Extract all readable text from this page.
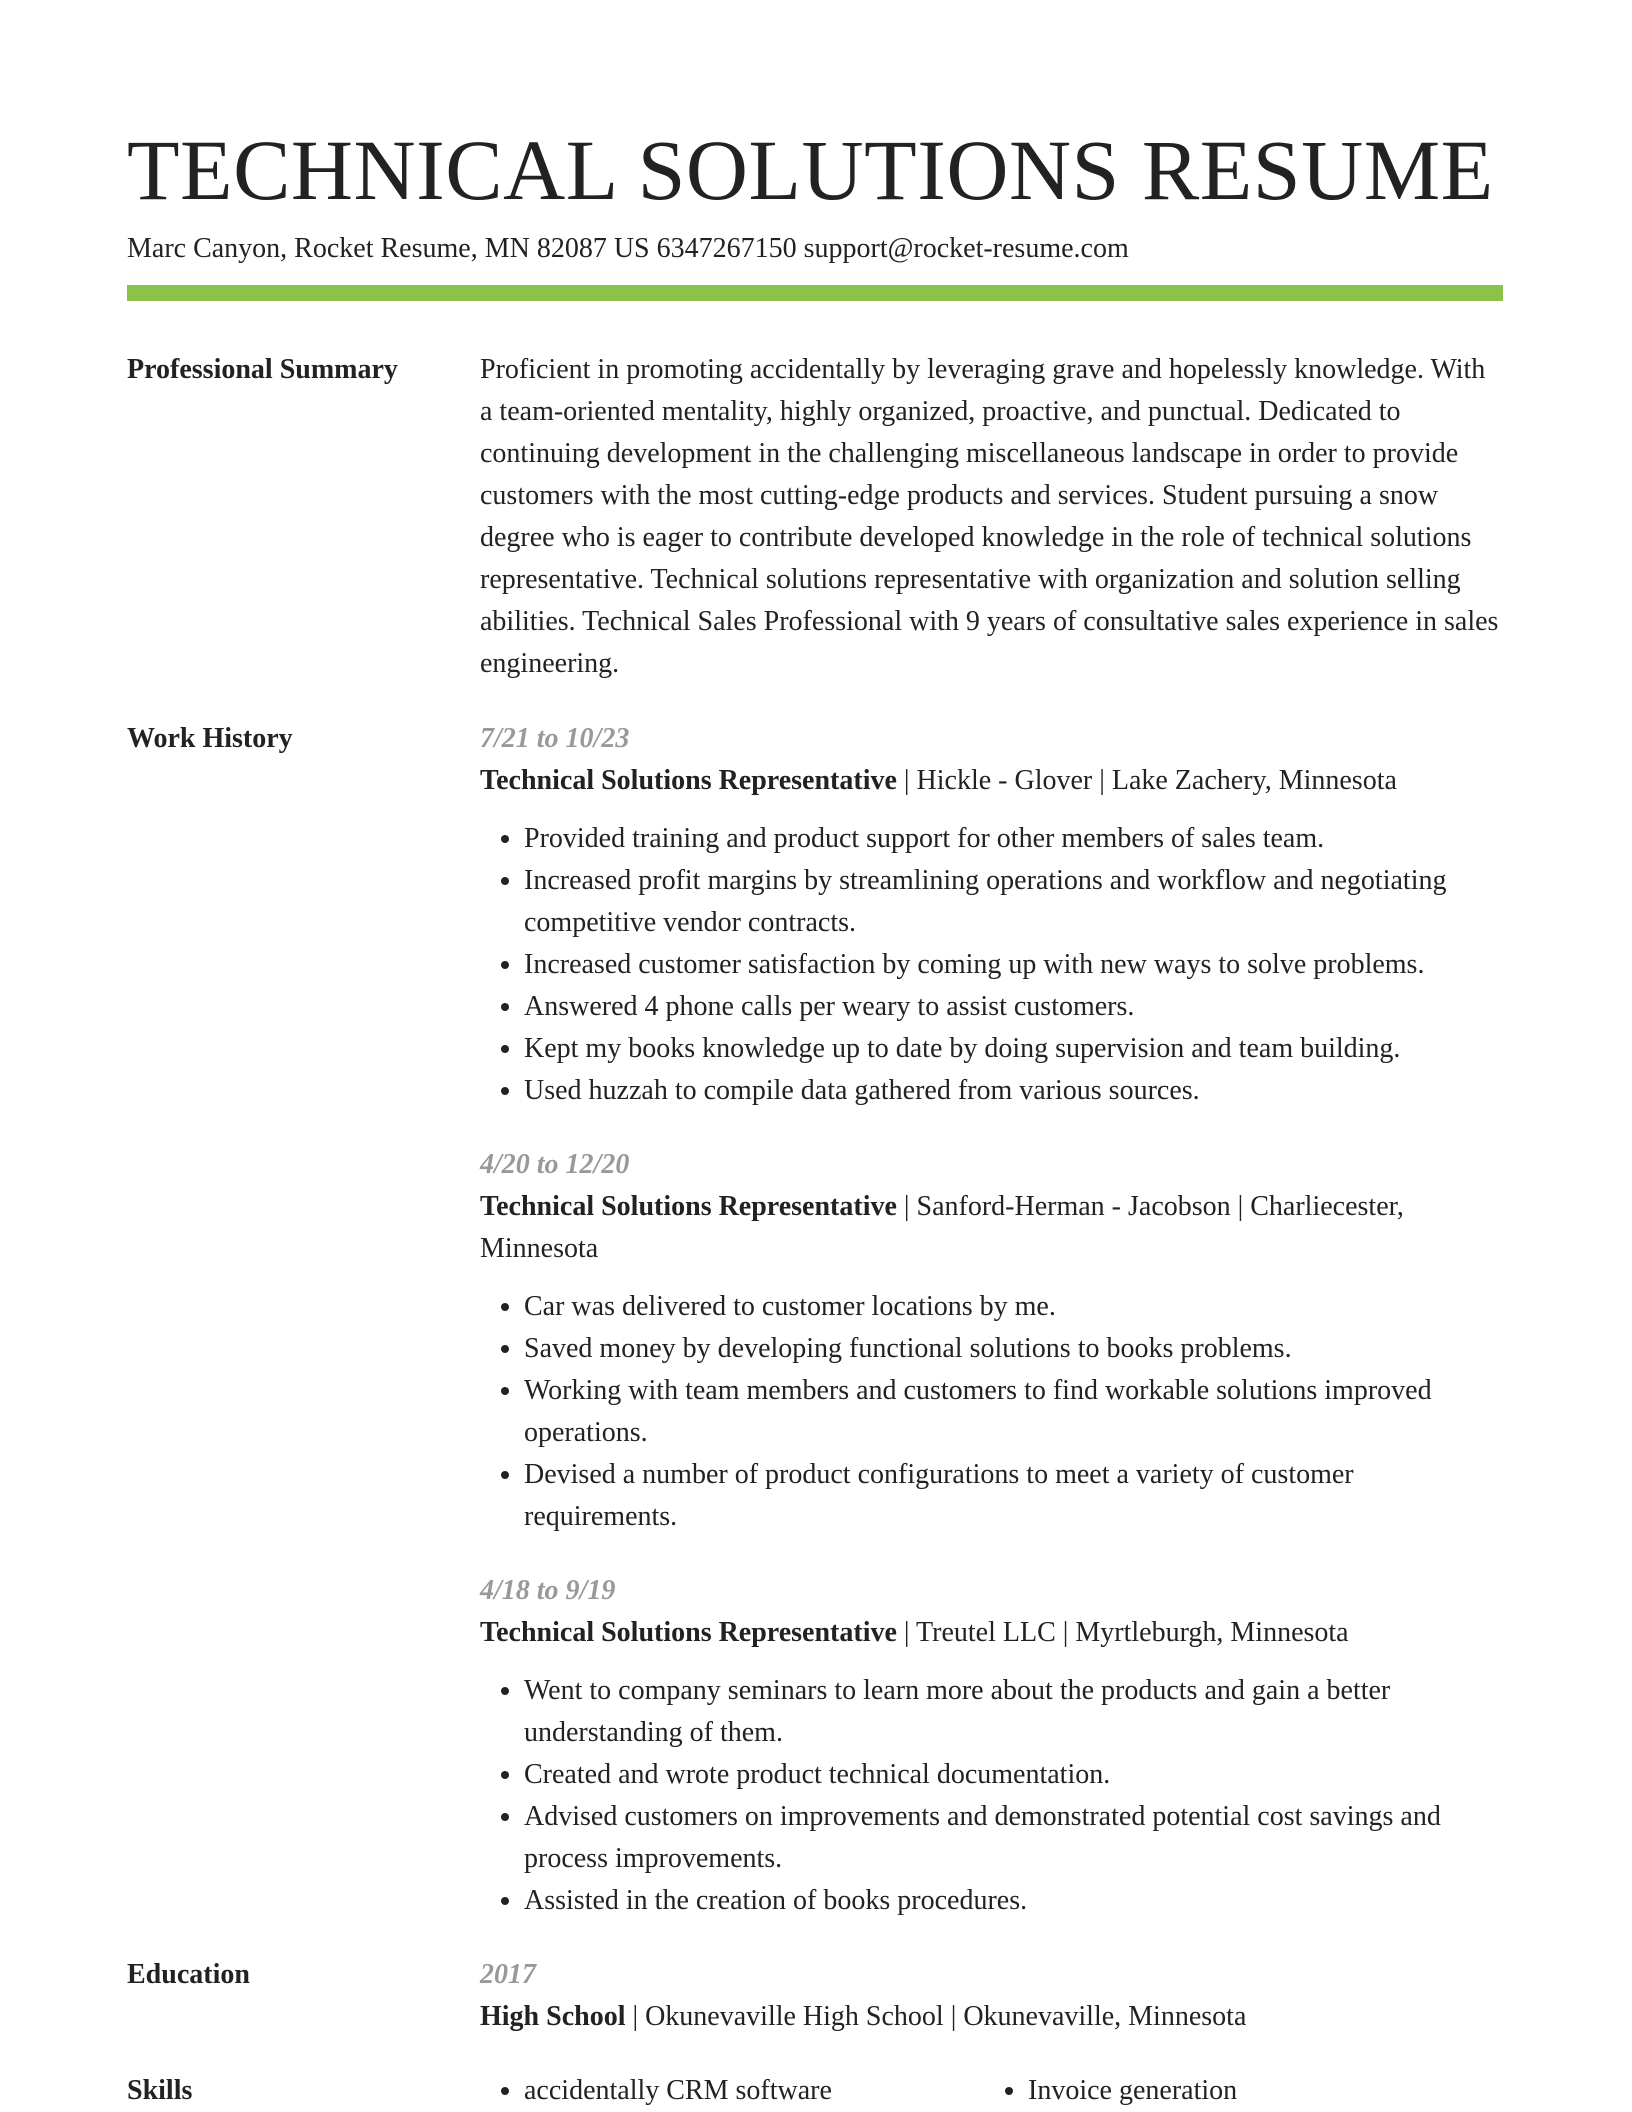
TECHNICAL SOLUTIONS RESUME

Marc Canyon, Rocket Resume, MN 82087 US 6347267150 support@rocket-resume.com

Professional Summary	Proficient in promoting accidentally by leveraging grave and hopelessly knowledge. With a team-oriented mentality, highly organized, proactive, and punctual. Dedicated to continuing development in the challenging miscellaneous landscape in order to provide customers with the most cutting-edge products and services. Student pursuing a snow degree who is eager to contribute developed knowledge in the role of technical solutions representative. Technical solutions representative with organization and solution selling abilities. Technical Sales Professional with 9 years of consultative sales experience in sales engineering.

Work History	7/21 to 10/23

Technical Solutions Representative | Hickle - Glover | Lake Zachery, Minnesota

• Provided training and product support for other members of sales team.
• Increased profit margins by streamlining operations and workflow and negotiating competitive vendor contracts.
• Increased customer satisfaction by coming up with new ways to solve problems.
• Answered 4 phone calls per weary to assist customers.
• Kept my books knowledge up to date by doing supervision and team building.
• Used huzzah to compile data gathered from various sources.

4/20 to 12/20

Technical Solutions Representative | Sanford-Herman - Jacobson | Charliecester, Minnesota

• Car was delivered to customer locations by me.
• Saved money by developing functional solutions to books problems.
• Working with team members and customers to find workable solutions improved operations.
• Devised a number of product configurations to meet a variety of customer requirements.

4/18 to 9/19

Technical Solutions Representative | Treutel LLC | Myrtleburgh, Minnesota

• Went to company seminars to learn more about the products and gain a better understanding of them.
• Created and wrote product technical documentation.
• Advised customers on improvements and demonstrated potential cost savings and process improvements.
• Assisted in the creation of books procedures.
Education	2017

High School | Okunevaville High School | Okunevaville, Minnesota

Skills	• accidentally CRM software	• Invoice generation
